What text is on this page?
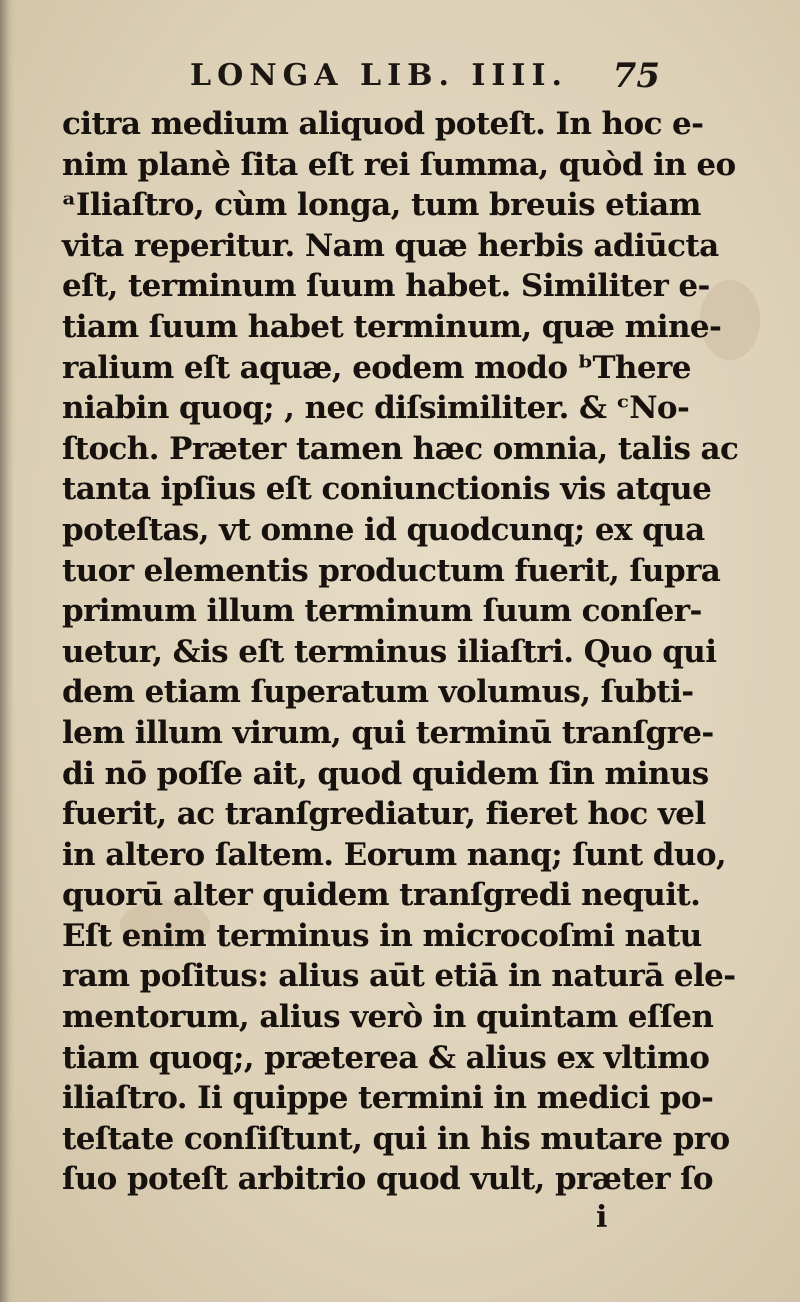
LONGA LIB. IIII. 75
citra medium aliquod poteſt. In hoc e-
nim planè ſita eſt rei ſumma, quòd in eo
ᵃIliaſtro, cùm longa, tum breuis etiam
vita reperitur. Nam quæ herbis adiūcta
eſt, terminum ſuum habet. Similiter e-
tiam ſuum habet terminum, quæ mine-
ralium eſt aquæ, eodem modo ᵇThere
niabin quoq; , nec diſsimiliter. & ᶜNo-
ſtoch. Præter tamen hæc omnia, talis ac
tanta ipſius eſt coniunctionis vis atque
poteſtas, vt omne id quodcunq; ex qua
tuor elementis productum fuerit, ſupra
primum illum terminum ſuum conſer-
uetur, &is eſt terminus iliaſtri. Quo qui
dem etiam ſuperatum volumus, ſubti-
lem illum virum, qui terminū tranſgre-
di nō poſſe ait, quod quidem ſin minus
fuerit, ac tranſgrediatur, fieret hoc vel
in altero ſaltem. Eorum nanq; ſunt duo,
quorū alter quidem tranſgredi nequit.
Eſt enim terminus in microcoſmi natu
ram poſitus: alius aūt etiā in naturā ele-
mentorum, alius verò in quintam eſſen
tiam quoq;, præterea & alius ex vltimo
iliaſtro. Ii quippe termini in medici po-
teſtate conſiſtunt, qui in his mutare pro
ſuo poteſt arbitrio quod vult, præter ſo
i
